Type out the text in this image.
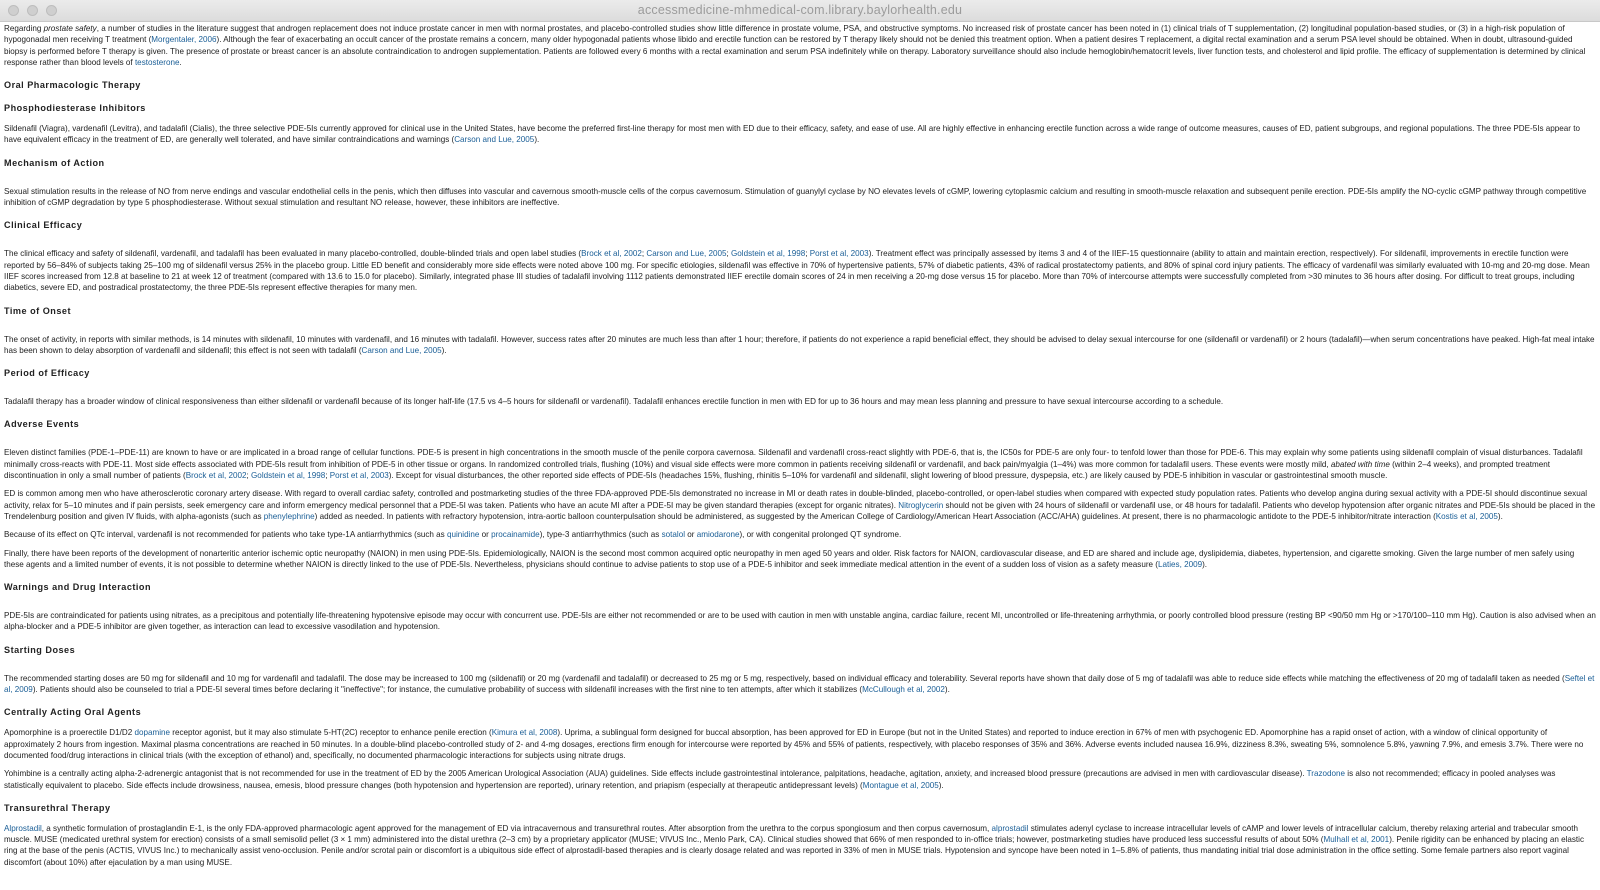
accessmedicine-mhmedical-com.library.baylorhealth.edu

Regarding prostate safety, a number of studies in the literature suggest that androgen replacement does not induce prostate cancer in men with normal prostates, and placebo-controlled studies show little difference in prostate volume, PSA, and obstructive symptoms. No increased risk of prostate cancer has been noted in (1) clinical trials of T supplementation, (2) longitudinal population-based studies, or (3) in a high-risk population of hypogonadal men receiving T treatment (Morgentaler, 2006). Although the fear of exacerbating an occult cancer of the prostate remains a concern, many older hypogonadal patients whose libido and erectile function can be restored by T therapy likely should not be denied this treatment option. When a patient desires T replacement, a digital rectal examination and a serum PSA level should be obtained. When in doubt, ultrasound-guided biopsy is performed before T therapy is given. The presence of prostate or breast cancer is an absolute contraindication to androgen supplementation. Patients are followed every 6 months with a rectal examination and serum PSA indefinitely while on therapy. Laboratory surveillance should also include hemoglobin/hematocrit levels, liver function tests, and cholesterol and lipid profile. The efficacy of supplementation is determined by clinical response rather than blood levels of testosterone.

Oral Pharmacologic Therapy
Phosphodiesterase Inhibitors

Sildenafil (Viagra), vardenafil (Levitra), and tadalafil (Cialis), the three selective PDE-5Is currently approved for clinical use in the United States, have become the preferred first-line therapy for most men with ED due to their efficacy, safety, and ease of use. All are highly effective in enhancing erectile function across a wide range of outcome measures, causes of ED, patient subgroups, and regional populations. The three PDE-5Is appear to have equivalent efficacy in the treatment of ED, are generally well tolerated, and have similar contraindications and warnings (Carson and Lue, 2005).

Mechanism of Action

Sexual stimulation results in the release of NO from nerve endings and vascular endothelial cells in the penis, which then diffuses into vascular and cavernous smooth-muscle cells of the corpus cavernosum. Stimulation of guanylyl cyclase by NO elevates levels of cGMP, lowering cytoplasmic calcium and resulting in smooth-muscle relaxation and subsequent penile erection. PDE-5Is amplify the NO-cyclic cGMP pathway through competitive inhibition of cGMP degradation by type 5 phosphodiesterase. Without sexual stimulation and resultant NO release, however, these inhibitors are ineffective.

Clinical Efficacy

The clinical efficacy and safety of sildenafil, vardenafil, and tadalafil has been evaluated in many placebo-controlled, double-blinded trials and open label studies (Brock et al, 2002; Carson and Lue, 2005; Goldstein et al, 1998; Porst et al, 2003). Treatment effect was principally assessed by items 3 and 4 of the IIEF-15 questionnaire (ability to attain and maintain erection, respectively). For sildenafil, improvements in erectile function were reported by 56–84% of subjects taking 25–100 mg of sildenafil versus 25% in the placebo group. Little ED benefit and considerably more side effects were noted above 100 mg. For specific etiologies, sildenafil was effective in 70% of hypertensive patients, 57% of diabetic patients, 43% of radical prostatectomy patients, and 80% of spinal cord injury patients. The efficacy of vardenafil was similarly evaluated with 10-mg and 20-mg dose. Mean IIEF scores increased from 12.8 at baseline to 21 at week 12 of treatment (compared with 13.6 to 15.0 for placebo). Similarly, integrated phase III studies of tadalafil involving 1112 patients demonstrated IIEF erectile domain scores of 24 in men receiving a 20-mg dose versus 15 for placebo. More than 70% of intercourse attempts were successfully completed from >30 minutes to 36 hours after dosing. For difficult to treat groups, including diabetics, severe ED, and postradical prostatectomy, the three PDE-5Is represent effective therapies for many men.

Time of Onset

The onset of activity, in reports with similar methods, is 14 minutes with sildenafil, 10 minutes with vardenafil, and 16 minutes with tadalafil. However, success rates after 20 minutes are much less than after 1 hour; therefore, if patients do not experience a rapid beneficial effect, they should be advised to delay sexual intercourse for one (sildenafil or vardenafil) or 2 hours (tadalafil)—when serum concentrations have peaked. High-fat meal intake has been shown to delay absorption of vardenafil and sildenafil; this effect is not seen with tadalafil (Carson and Lue, 2005).

Period of Efficacy

Tadalafil therapy has a broader window of clinical responsiveness than either sildenafil or vardenafil because of its longer half-life (17.5 vs 4–5 hours for sildenafil or vardenafil). Tadalafil enhances erectile function in men with ED for up to 36 hours and may mean less planning and pressure to have sexual intercourse according to a schedule.

Adverse Events

Eleven distinct families (PDE-1–PDE-11) are known to have or are implicated in a broad range of cellular functions. PDE-5 is present in high concentrations in the smooth muscle of the penile corpora cavernosa. Sildenafil and vardenafil cross-react slightly with PDE-6, that is, the IC50s for PDE-5 are only four- to tenfold lower than those for PDE-6. This may explain why some patients using sildenafil complain of visual disturbances. Tadalafil minimally cross-reacts with PDE-11. Most side effects associated with PDE-5Is result from inhibition of PDE-5 in other tissue or organs. In randomized controlled trials, flushing (10%) and visual side effects were more common in patients receiving sildenafil or vardenafil, and back pain/myalgia (1–4%) was more common for tadalafil users. These events were mostly mild, abated with time (within 2–4 weeks), and prompted treatment discontinuation in only a small number of patients (Brock et al, 2002; Goldstein et al, 1998; Porst et al, 2003). Except for visual disturbances, the other reported side effects of PDE-5Is (headaches 15%, flushing, rhinitis 5–10% for vardenafil and sildenafil, slight lowering of blood pressure, dyspepsia, etc.) are likely caused by PDE-5 inhibition in vascular or gastrointestinal smooth muscle.

ED is common among men who have atherosclerotic coronary artery disease. With regard to overall cardiac safety, controlled and postmarketing studies of the three FDA-approved PDE-5Is demonstrated no increase in MI or death rates in double-blinded, placebo-controlled, or open-label studies when compared with expected study population rates. Patients who develop angina during sexual activity with a PDE-5I should discontinue sexual activity, relax for 5–10 minutes and if pain persists, seek emergency care and inform emergency medical personnel that a PDE-5I was taken. Patients who have an acute MI after a PDE-5I may be given standard therapies (except for organic nitrates). Nitroglycerin should not be given with 24 hours of sildenafil or vardenafil use, or 48 hours for tadalafil. Patients who develop hypotension after organic nitrates and PDE-5Is should be placed in the Trendelenburg position and given IV fluids, with alpha-agonists (such as phenylephrine) added as needed. In patients with refractory hypotension, intra-aortic balloon counterpulsation should be administered, as suggested by the American College of Cardiology/American Heart Association (ACC/AHA) guidelines. At present, there is no pharmacologic antidote to the PDE-5 inhibitor/nitrate interaction (Kostis et al, 2005).

Because of its effect on QTc interval, vardenafil is not recommended for patients who take type-1A antiarrhythmics (such as quinidine or procainamide), type-3 antiarrhythmics (such as sotalol or amiodarone), or with congenital prolonged QT syndrome.

Finally, there have been reports of the development of nonarteritic anterior ischemic optic neuropathy (NAION) in men using PDE-5Is. Epidemiologically, NAION is the second most common acquired optic neuropathy in men aged 50 years and older. Risk factors for NAION, cardiovascular disease, and ED are shared and include age, dyslipidemia, diabetes, hypertension, and cigarette smoking. Given the large number of men safely using these agents and a limited number of events, it is not possible to determine whether NAION is directly linked to the use of PDE-5Is. Nevertheless, physicians should continue to advise patients to stop use of a PDE-5 inhibitor and seek immediate medical attention in the event of a sudden loss of vision as a safety measure (Laties, 2009).

Warnings and Drug Interaction

PDE-5Is are contraindicated for patients using nitrates, as a precipitous and potentially life-threatening hypotensive episode may occur with concurrent use. PDE-5Is are either not recommended or are to be used with caution in men with unstable angina, cardiac failure, recent MI, uncontrolled or life-threatening arrhythmia, or poorly controlled blood pressure (resting BP <90/50 mm Hg or >170/100–110 mm Hg). Caution is also advised when an alpha-blocker and a PDE-5 inhibitor are given together, as interaction can lead to excessive vasodilation and hypotension.

Starting Doses

The recommended starting doses are 50 mg for sildenafil and 10 mg for vardenafil and tadalafil. The dose may be increased to 100 mg (sildenafil) or 20 mg (vardenafil and tadalafil) or decreased to 25 mg or 5 mg, respectively, based on individual efficacy and tolerability. Several reports have shown that daily dose of 5 mg of tadalafil was able to reduce side effects while matching the effectiveness of 20 mg of tadalafil taken as needed (Seftel et al, 2009). Patients should also be counseled to trial a PDE-5I several times before declaring it "ineffective"; for instance, the cumulative probability of success with sildenafil increases with the first nine to ten attempts, after which it stabilizes (McCullough et al, 2002).

Centrally Acting Oral Agents

Apomorphine is a proerectile D1/D2 dopamine receptor agonist, but it may also stimulate 5-HT(2C) receptor to enhance penile erection (Kimura et al, 2008). Uprima, a sublingual form designed for buccal absorption, has been approved for ED in Europe (but not in the United States) and reported to induce erection in 67% of men with psychogenic ED. Apomorphine has a rapid onset of action, with a window of clinical opportunity of approximately 2 hours from ingestion. Maximal plasma concentrations are reached in 50 minutes. In a double-blind placebo-controlled study of 2- and 4-mg dosages, erections firm enough for intercourse were reported by 45% and 55% of patients, respectively, with placebo responses of 35% and 36%. Adverse events included nausea 16.9%, dizziness 8.3%, sweating 5%, somnolence 5.8%, yawning 7.9%, and emesis 3.7%. There were no documented food/drug interactions in clinical trials (with the exception of ethanol) and, specifically, no documented pharmacologic interactions for subjects using nitrate drugs.

Yohimbine is a centrally acting alpha-2-adrenergic antagonist that is not recommended for use in the treatment of ED by the 2005 American Urological Association (AUA) guidelines. Side effects include gastrointestinal intolerance, palpitations, headache, agitation, anxiety, and increased blood pressure (precautions are advised in men with cardiovascular disease). Trazodone is also not recommended; efficacy in pooled analyses was statistically equivalent to placebo. Side effects include drowsiness, nausea, emesis, blood pressure changes (both hypotension and hypertension are reported), urinary retention, and priapism (especially at therapeutic antidepressant levels) (Montague et al, 2005).

Transurethral Therapy

Alprostadil, a synthetic formulation of prostaglandin E-1, is the only FDA-approved pharmacologic agent approved for the management of ED via intracavernous and transurethral routes. After absorption from the urethra to the corpus spongiosum and then corpus cavernosum, alprostadil stimulates adenyl cyclase to increase intracellular levels of cAMP and lower levels of intracellular calcium, thereby relaxing arterial and trabecular smooth muscle. MUSE (medicated urethral system for erection) consists of a small semisolid pellet (3 × 1 mm) administered into the distal urethra (2–3 cm) by a proprietary applicator (MUSE; VIVUS Inc., Menlo Park, CA). Clinical studies showed that 66% of men responded to in-office trials; however, postmarketing studies have produced less successful results of about 50% (Mulhall et al, 2001). Penile rigidity can be enhanced by placing an elastic ring at the base of the penis (ACTIS, VIVUS Inc.) to mechanically assist veno-occlusion. Penile and/or scrotal pain or discomfort is a ubiquitous side effect of alprostadil-based therapies and is clearly dosage related and was reported in 33% of men in MUSE trials. Hypotension and syncope have been noted in 1–5.8% of patients, thus mandating initial trial dose administration in the office setting. Some female partners also report vaginal discomfort (about 10%) after ejaculation by a man using MUSE.
